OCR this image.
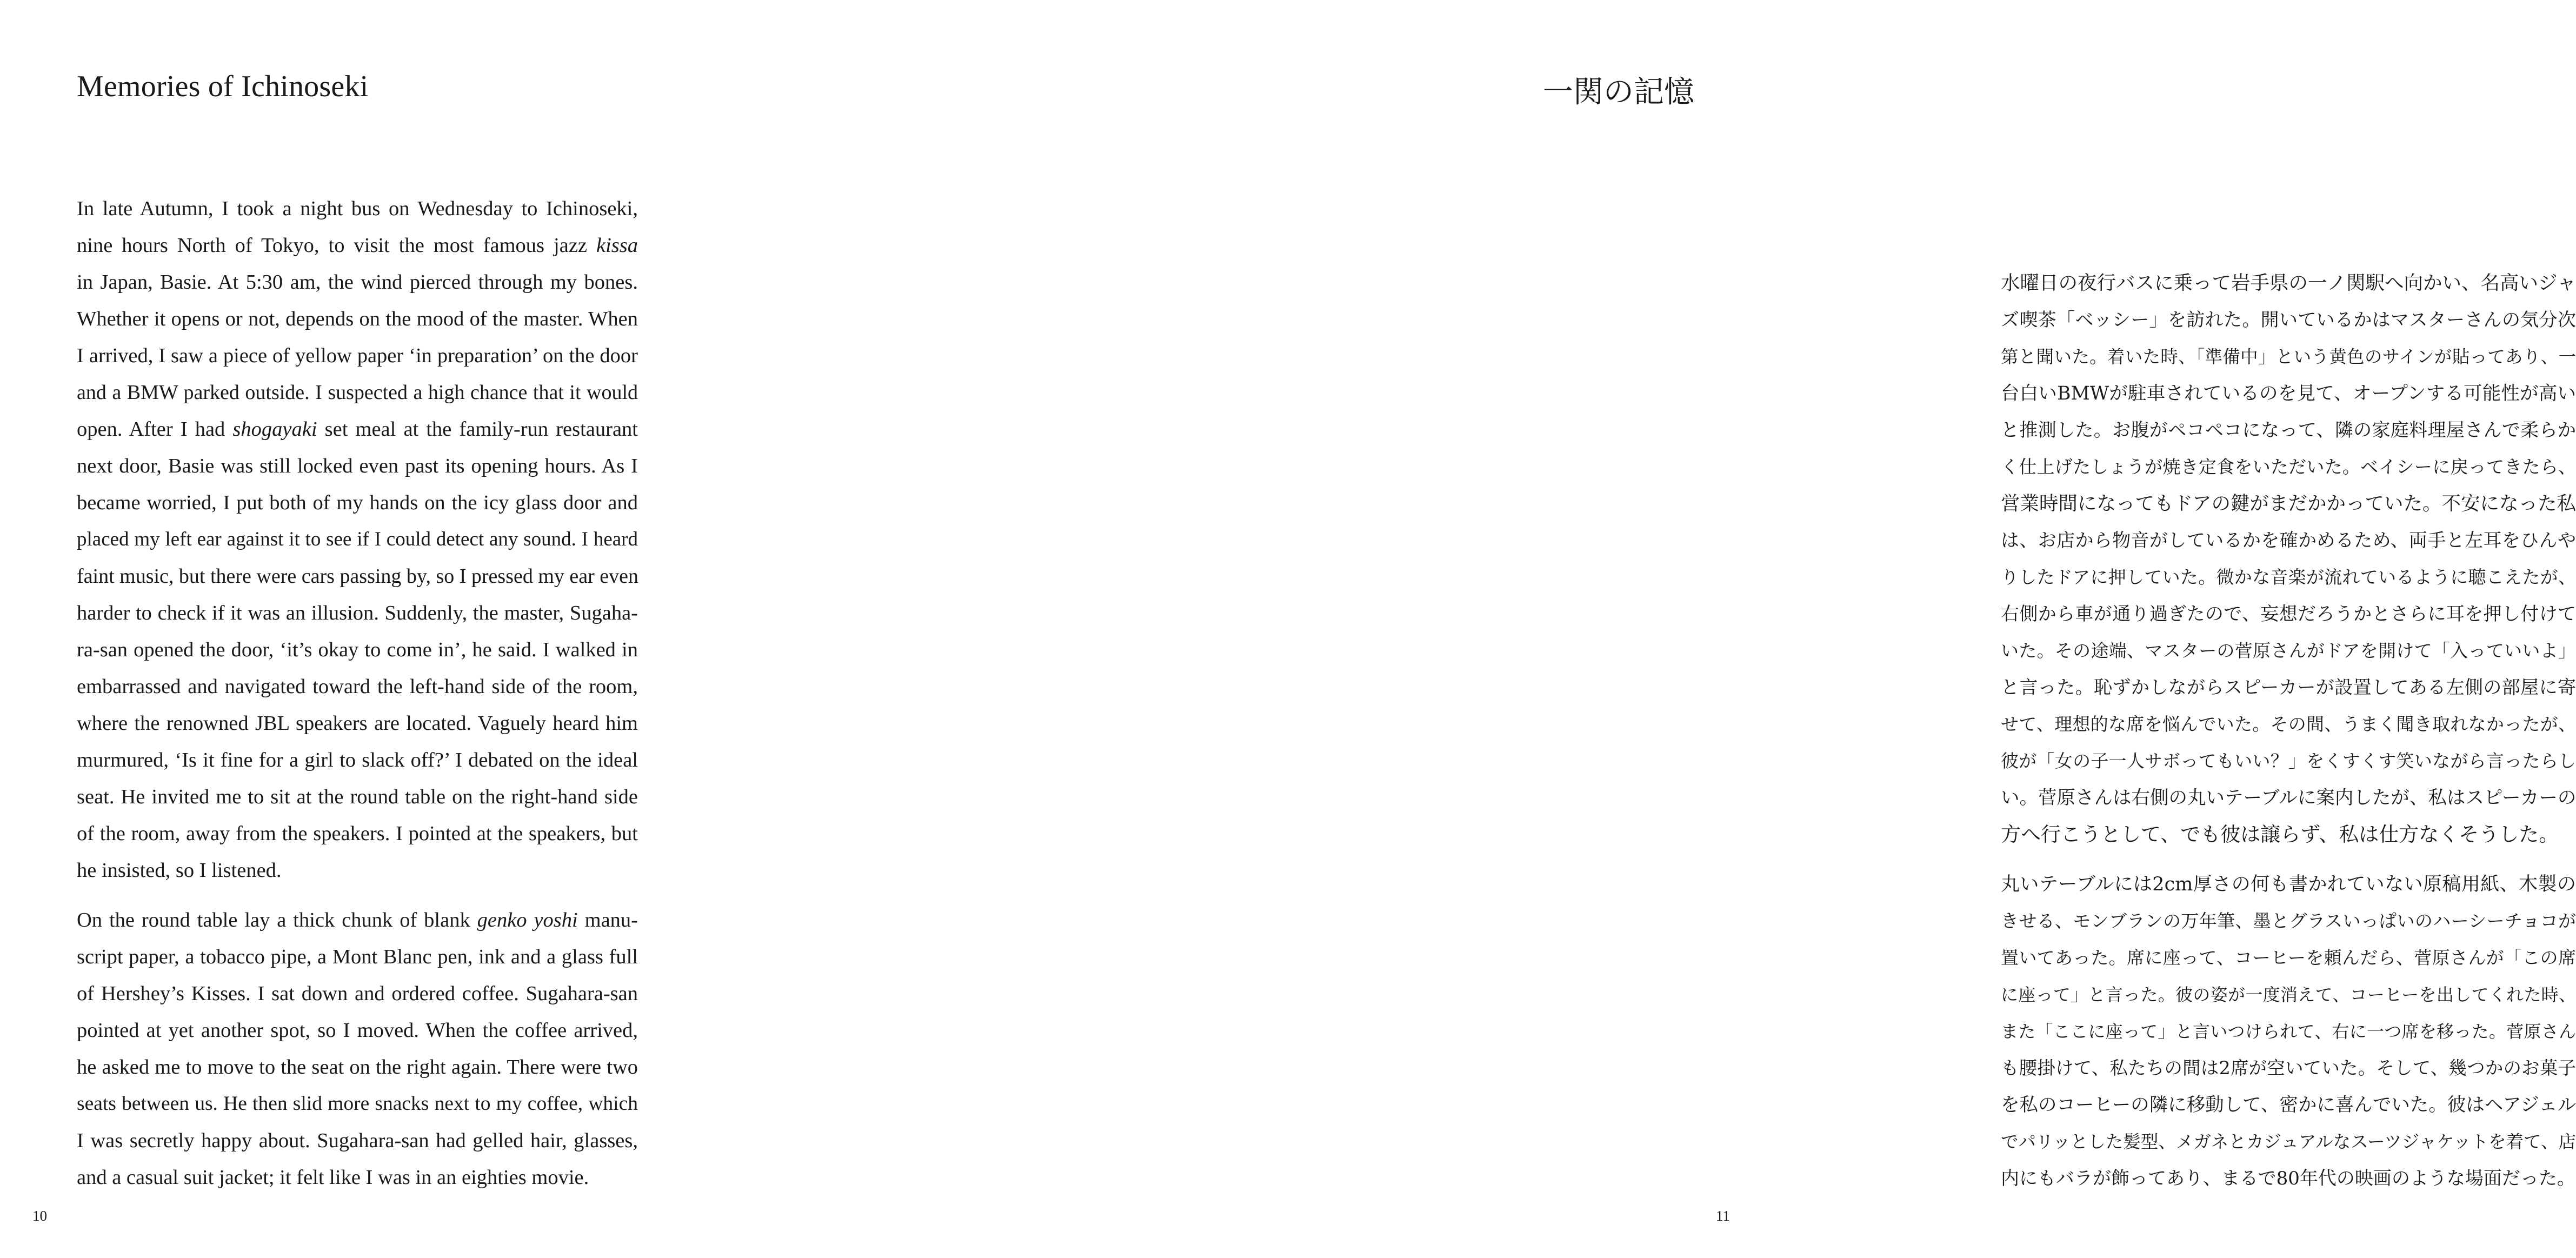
Memories of Ichinoseki

In late Autumn, I took a night bus on Wednesday to Ichinoseki,
nine hours North of Tokyo, to visit the most famous jazz kissa
in Japan, Basie. At 5:30 am, the wind pierced through my bones.
Whether it opens or not, depends on the mood of the master. When
I arrived, I saw a piece of yellow paper ‘in preparation’ on the door
and a BMW parked outside. I suspected a high chance that it would
open. After I had shogayaki set meal at the family-run restaurant
next door, Basie was still locked even past its opening hours. As I
became worried, I put both of my hands on the icy glass door and
placed my left ear against it to see if I could detect any sound. I heard
faint music, but there were cars passing by, so I pressed my ear even
harder to check if it was an illusion. Suddenly, the master, Sugaha-
ra-san opened the door, ‘it’s okay to come in’, he said. I walked in
embarrassed and navigated toward the left-hand side of the room,
where the renowned JBL speakers are located. Vaguely heard him
murmured, ‘Is it fine for a girl to slack off?’ I debated on the ideal
seat. He invited me to sit at the round table on the right-hand side
of the room, away from the speakers. I pointed at the speakers, but
he insisted, so I listened.

On the round table lay a thick chunk of blank genko yoshi manu-
script paper, a tobacco pipe, a Mont Blanc pen, ink and a glass full
of Hershey’s Kisses. I sat down and ordered coffee. Sugahara-san
pointed at yet another spot, so I moved. When the coffee arrived,
he asked me to move to the seat on the right again. There were two
seats between us. He then slid more snacks next to my coffee, which
I was secretly happy about. Sugahara-san had gelled hair, glasses,
and a casual suit jacket; it felt like I was in an eighties movie.

10
一関の記憶

水曜日の夜行バスに乗って岩手県の一ノ関駅へ向かい、名高いジャ
ズ喫茶「ベッシー」を訪れた。開いているかはマスターさんの気分次
第と聞いた。着いた時、「準備中」という黄色のサインが貼ってあり、一
台白いBMWが駐車されているのを見て、オープンする可能性が高い
と推測した。お腹がペコペコになって、隣の家庭料理屋さんで柔らか
く仕上げたしょうが焼き定食をいただいた。ベイシーに戻ってきたら、
営業時間になってもドアの鍵がまだかかっていた。不安になった私
は、お店から物音がしているかを確かめるため、両手と左耳をひんや
りしたドアに押していた。微かな音楽が流れているように聴こえたが、
右側から車が通り過ぎたので、妄想だろうかとさらに耳を押し付けて
いた。その途端、マスターの菅原さんがドアを開けて「入っていいよ」
と言った。恥ずかしながらスピーカーが設置してある左側の部屋に寄
せて、理想的な席を悩んでいた。その間、うまく聞き取れなかったが、
彼が「女の子一人サボってもいい？」をくすくす笑いながら言ったらし
い。菅原さんは右側の丸いテーブルに案内したが、私はスピーカーの
方へ行こうとして、でも彼は譲らず、私は仕方なくそうした。

丸いテーブルには2cm厚さの何も書かれていない原稿用紙、木製の
きせる、モンブランの万年筆、墨とグラスいっぱいのハーシーチョコが
置いてあった。席に座って、コーヒーを頼んだら、菅原さんが「この席
に座って」と言った。彼の姿が一度消えて、コーヒーを出してくれた時、
また「ここに座って」と言いつけられて、右に一つ席を移った。菅原さん
も腰掛けて、私たちの間は2席が空いていた。そして、幾つかのお菓子
を私のコーヒーの隣に移動して、密かに喜んでいた。彼はヘアジェル
でパリッとした髪型、メガネとカジュアルなスーツジャケットを着て、店
内にもバラが飾ってあり、まるで80年代の映画のような場面だった。

11
